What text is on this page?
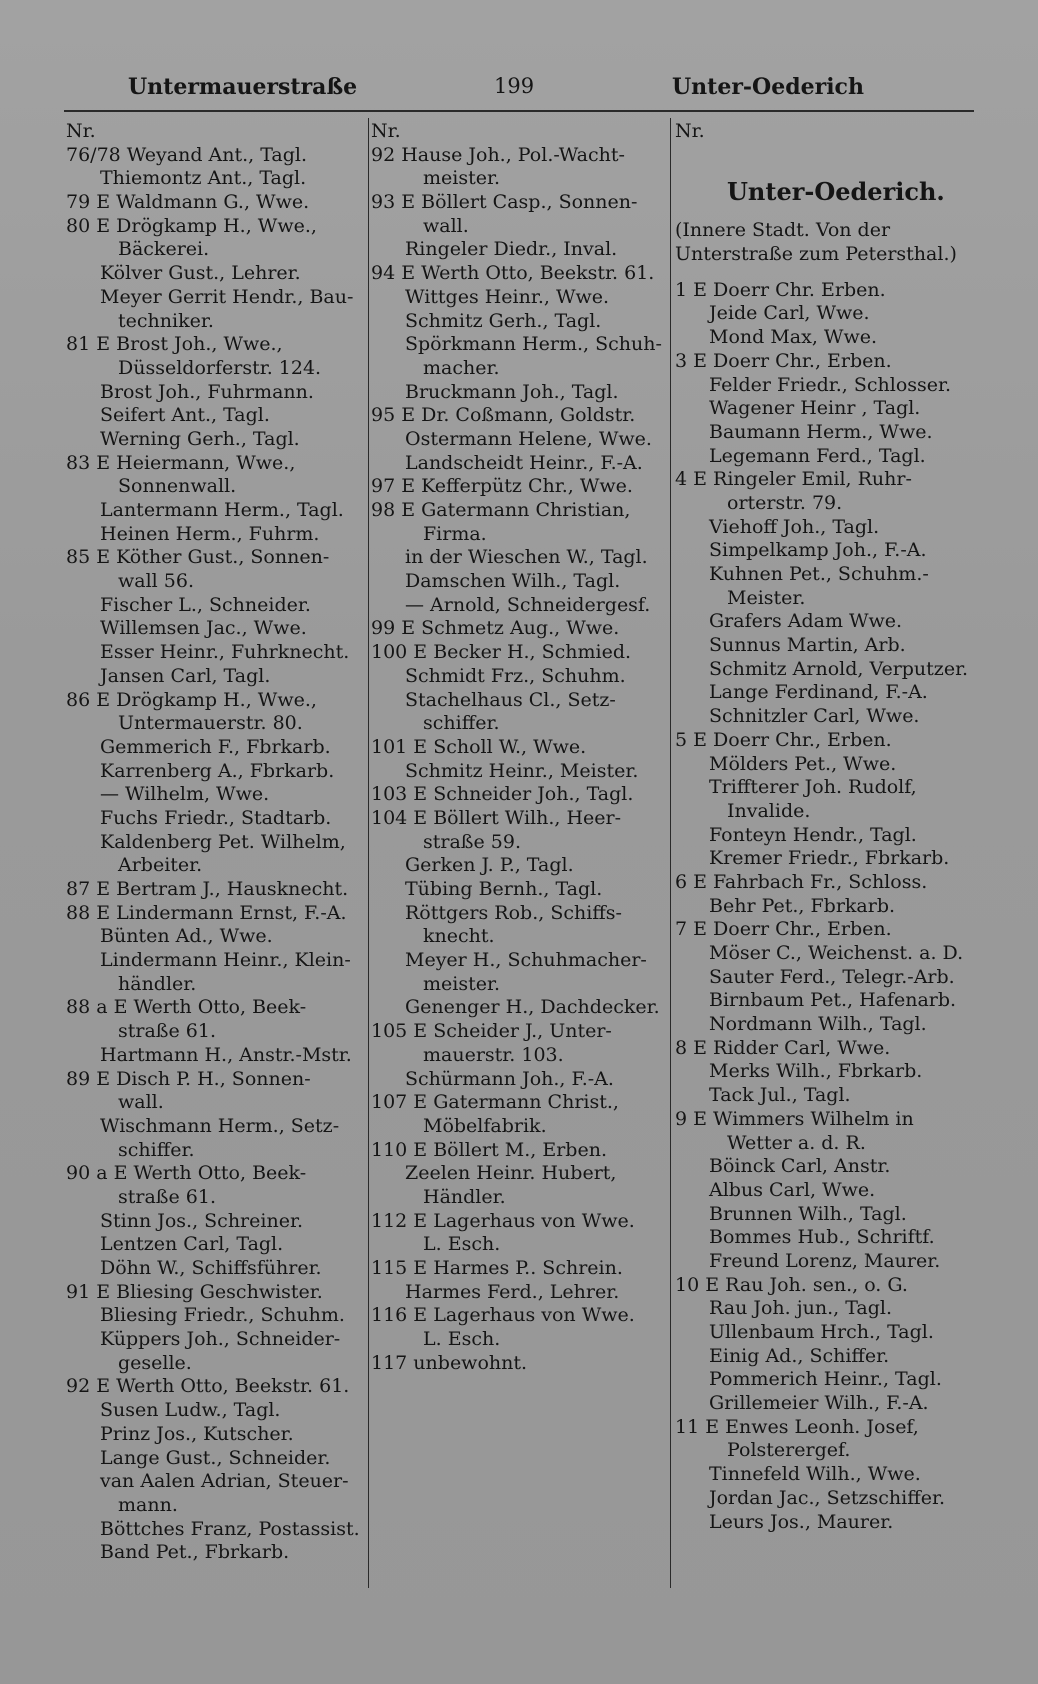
Untermauerstraße	199	Unter-Oederich
Nr.
76/78 Weyand Ant., Tagl.
Thiemontz Ant., Tagl.
79 E Waldmann G., Wwe.
80 E Drögkamp H., Wwe.,
Bäckerei.
Kölver Gust., Lehrer.
Meyer Gerrit Hendr., Bau-
techniker.
81 E Brost Joh., Wwe.,
Düsseldorferstr. 124.
Brost Joh., Fuhrmann.
Seifert Ant., Tagl.
Werning Gerh., Tagl.
83 E Heiermann, Wwe.,
Sonnenwall.
Lantermann Herm., Tagl.
Heinen Herm., Fuhrm.
85 E Köther Gust., Sonnen-
wall 56.
Fischer L., Schneider.
Willemsen Jac., Wwe.
Esser Heinr., Fuhrknecht.
Jansen Carl, Tagl.
86 E Drögkamp H., Wwe.,
Untermauerstr. 80.
Gemmerich F., Fbrkarb.
Karrenberg A., Fbrkarb.
— Wilhelm, Wwe.
Fuchs Friedr., Stadtarb.
Kaldenberg Pet. Wilhelm,
Arbeiter.
87 E Bertram J., Hausknecht.
88 E Lindermann Ernst, F.-A.
Bünten Ad., Wwe.
Lindermann Heinr., Klein-
händler.
88 a E Werth Otto, Beek-
straße 61.
Hartmann H., Anstr.-Mstr.
89 E Disch P. H., Sonnen-
wall.
Wischmann Herm., Setz-
schiffer.
90 a E Werth Otto, Beek-
straße 61.
Stinn Jos., Schreiner.
Lentzen Carl, Tagl.
Döhn W., Schiffsführer.
91 E Bliesing Geschwister.
Bliesing Friedr., Schuhm.
Küppers Joh., Schneider-
geselle.
92 E Werth Otto, Beekstr. 61.
Susen Ludw., Tagl.
Prinz Jos., Kutscher.
Lange Gust., Schneider.
van Aalen Adrian, Steuer-
mann.
Böttches Franz, Postassist.
Band Pet., Fbrkarb.
Nr.
92 Hause Joh., Pol.-Wacht-
meister.
93 E Böllert Casp., Sonnen-
wall.
Ringeler Diedr., Inval.
94 E Werth Otto, Beekstr. 61.
Wittges Heinr., Wwe.
Schmitz Gerh., Tagl.
Spörkmann Herm., Schuh-
macher.
Bruckmann Joh., Tagl.
95 E Dr. Coßmann, Goldstr.
Ostermann Helene, Wwe.
Landscheidt Heinr., F.-A.
97 E Kefferpütz Chr., Wwe.
98 E Gatermann Christian,
Firma.
in der Wieschen W., Tagl.
Damschen Wilh., Tagl.
— Arnold, Schneidergesf.
99 E Schmetz Aug., Wwe.
100 E Becker H., Schmied.
Schmidt Frz., Schuhm.
Stachelhaus Cl., Setz-
schiffer.
101 E Scholl W., Wwe.
Schmitz Heinr., Meister.
103 E Schneider Joh., Tagl.
104 E Böllert Wilh., Heer-
straße 59.
Gerken J. P., Tagl.
Tübing Bernh., Tagl.
Röttgers Rob., Schiffs-
knecht.
Meyer H., Schuhmacher-
meister.
Genenger H., Dachdecker.
105 E Scheider J., Unter-
mauerstr. 103.
Schürmann Joh., F.-A.
107 E Gatermann Christ.,
Möbelfabrik.
110 E Böllert M., Erben.
Zeelen Heinr. Hubert,
Händler.
112 E Lagerhaus von Wwe.
L. Esch.
115 E Harmes P.. Schrein.
Harmes Ferd., Lehrer.
116 E Lagerhaus von Wwe.
L. Esch.
117 unbewohnt.
Nr.
Unter-Oederich.
(Innere Stadt. Von der
Unterstraße zum Petersthal.)
1 E Doerr Chr. Erben.
Jeide Carl, Wwe.
Mond Max, Wwe.
3 E Doerr Chr., Erben.
Felder Friedr., Schlosser.
Wagener Heinr , Tagl.
Baumann Herm., Wwe.
Legemann Ferd., Tagl.
4 E Ringeler Emil, Ruhr-
orterstr. 79.
Viehoff Joh., Tagl.
Simpelkamp Joh., F.-A.
Kuhnen Pet., Schuhm.-
Meister.
Grafers Adam Wwe.
Sunnus Martin, Arb.
Schmitz Arnold, Verputzer.
Lange Ferdinand, F.-A.
Schnitzler Carl, Wwe.
5 E Doerr Chr., Erben.
Mölders Pet., Wwe.
Triffterer Joh. Rudolf,
Invalide.
Fonteyn Hendr., Tagl.
Kremer Friedr., Fbrkarb.
6 E Fahrbach Fr., Schloss.
Behr Pet., Fbrkarb.
7 E Doerr Chr., Erben.
Möser C., Weichenst. a. D.
Sauter Ferd., Telegr.-Arb.
Birnbaum Pet., Hafenarb.
Nordmann Wilh., Tagl.
8 E Ridder Carl, Wwe.
Merks Wilh., Fbrkarb.
Tack Jul., Tagl.
9 E Wimmers Wilhelm in
Wetter a. d. R.
Böinck Carl, Anstr.
Albus Carl, Wwe.
Brunnen Wilh., Tagl.
Bommes Hub., Schriftf.
Freund Lorenz, Maurer.
10 E Rau Joh. sen., o. G.
Rau Joh. jun., Tagl.
Ullenbaum Hrch., Tagl.
Einig Ad., Schiffer.
Pommerich Heinr., Tagl.
Grillemeier Wilh., F.-A.
11 E Enwes Leonh. Josef,
Polsterergef.
Tinnefeld Wilh., Wwe.
Jordan Jac., Setzschiffer.
Leurs Jos., Maurer.
